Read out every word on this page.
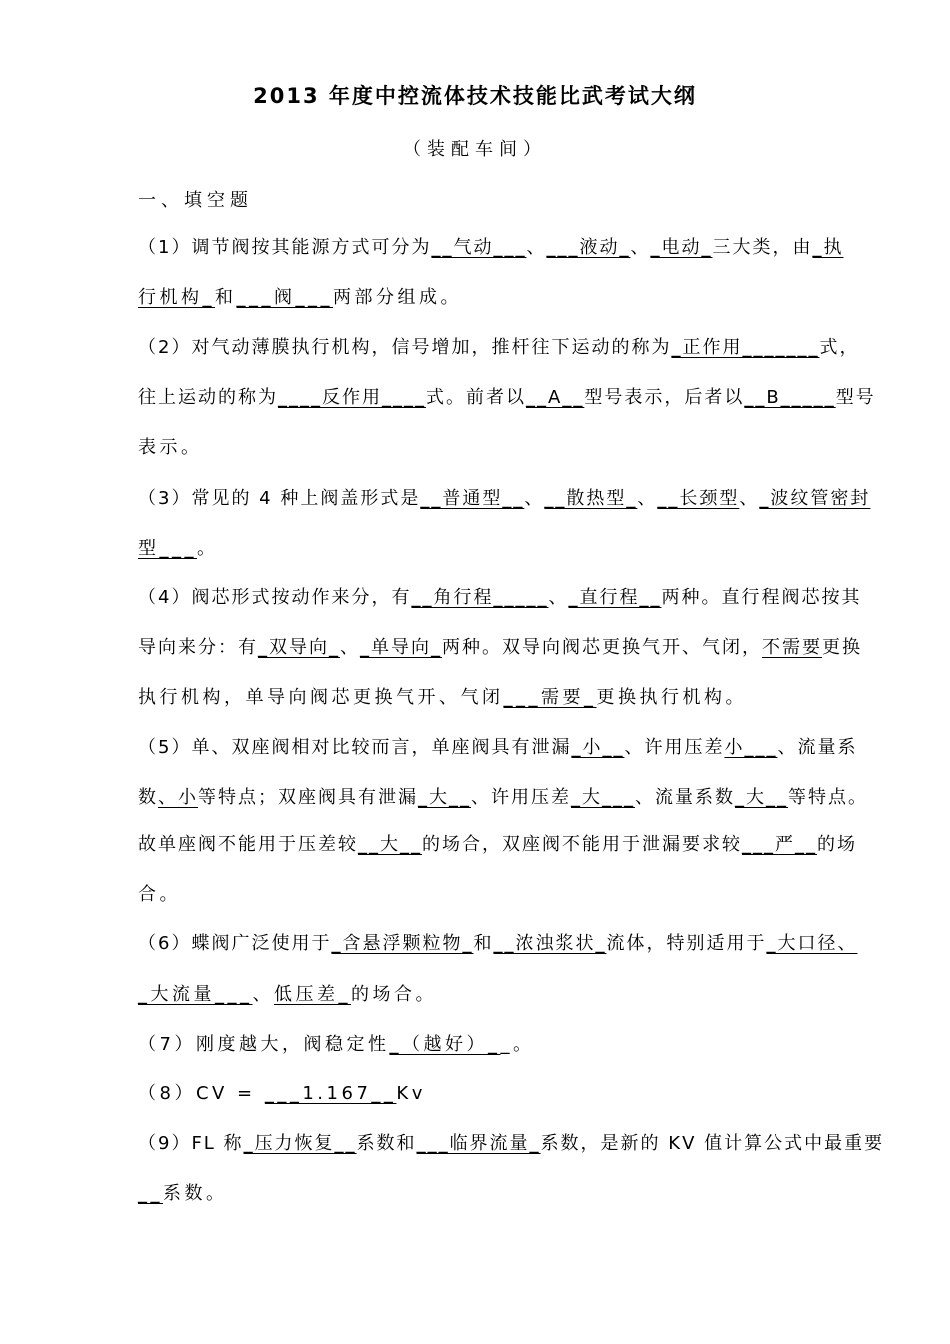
2013 年度中控流体技术技能比武考试大纲
（装配车间）
一、填空题
（1）调节阀按其能源方式可分为__气动___、___液动_、_电动_三大类，由_执
行机构_和___阀___两部分组成。
（2）对气动薄膜执行机构，信号增加，推杆往下运动的称为_正作用_______式，
往上运动的称为____反作用____式。前者以__A__型号表示，后者以__B_____型号
表示。
（3）常见的 4 种上阀盖形式是__普通型__、__散热型_、__长颈型、_波纹管密封
型___。
（4）阀芯形式按动作来分，有__角行程_____、_直行程__两种。直行程阀芯按其
导向来分：有_双导向_、_单导向_两种。双导向阀芯更换气开、气闭，不需要更换
执行机构，单导向阀芯更换气开、气闭___需要_更换执行机构。
（5）单、双座阀相对比较而言，单座阀具有泄漏_小__、许用压差小___、流量系
数、小等特点；双座阀具有泄漏_大__、许用压差_大___、流量系数_大__等特点。
故单座阀不能用于压差较__大__的场合，双座阀不能用于泄漏要求较___严__的场
合。
（6）蝶阀广泛使用于_含悬浮颗粒物_和__浓浊浆状_流体，特别适用于_大口径、
_大流量___、低压差_的场合。
（7）刚度越大，阀稳定性_（越好）__。
（8）CV = ___1.167__Kv
（9）FL 称_压力恢复__系数和___临界流量_系数，是新的 KV 值计算公式中最重要
__系数。
